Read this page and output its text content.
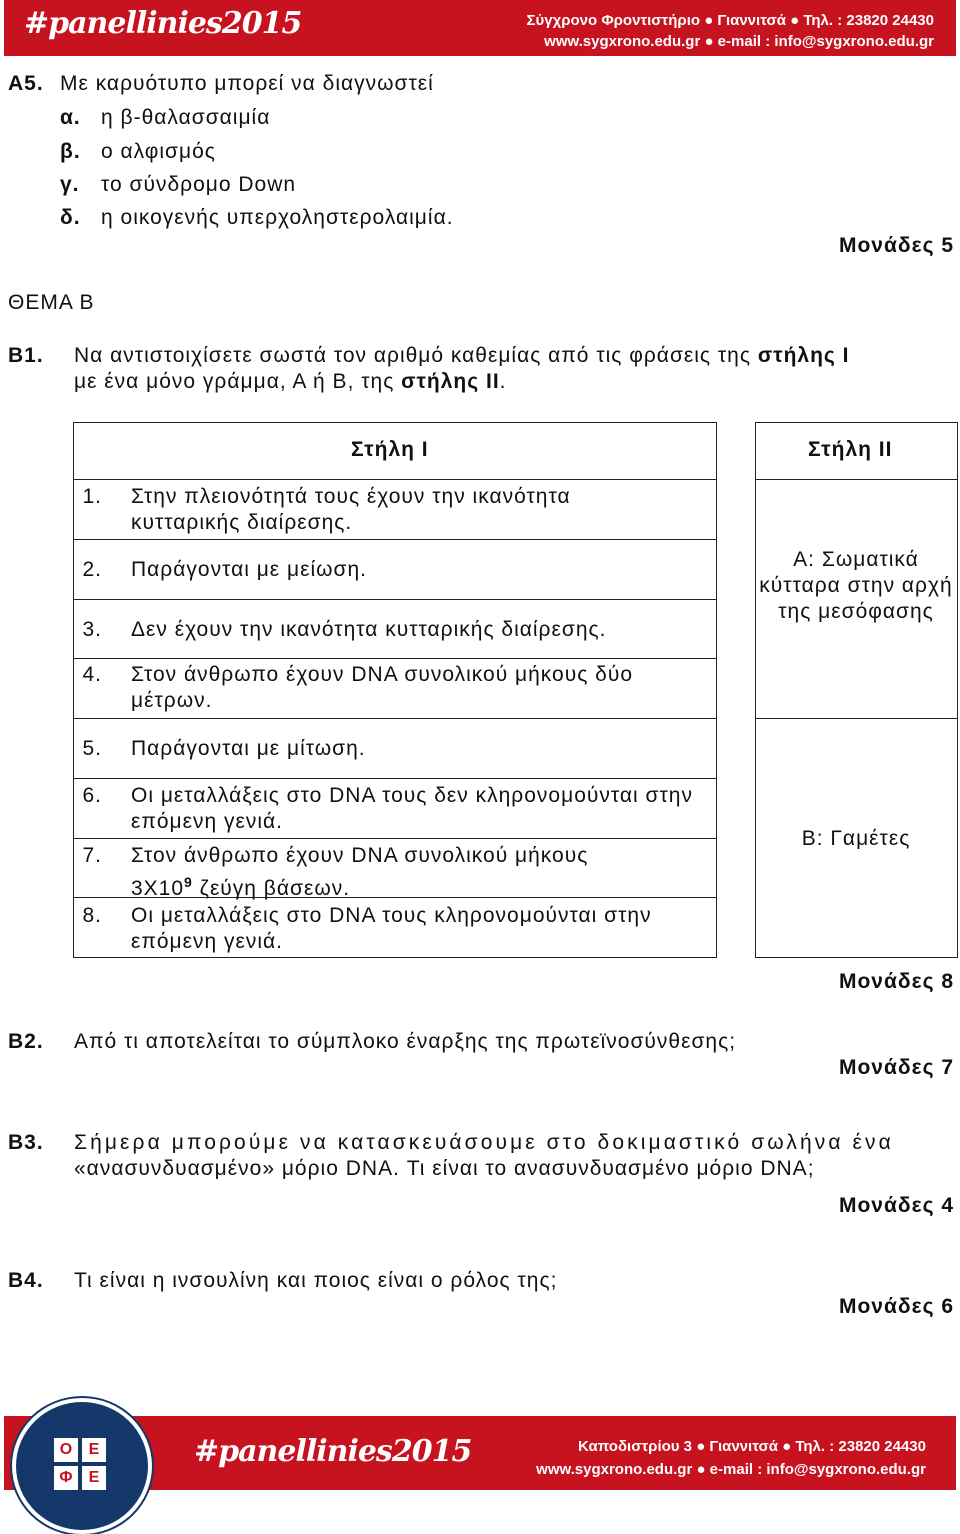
#panellinies2015	Σύγχρονο Φροντιστήριο ● Γιαννιτσά ● Τηλ. : 23820 24430
www.sygxrono.edu.gr ● e-mail : info@sygxrono.edu.gr
A5. Με καρυότυπο μπορεί να διαγνωστεί
α. η β-θαλασσαιμία
β. ο αλφισμός
γ. το σύνδρομο Down
δ. η οικογενής υπερχοληστερολαιμία.
Μονάδες 5
ΘΕΜΑ Β
Β1. Να αντιστοιχίσετε σωστά τον αριθμό καθεμίας από τις φράσεις της στήλης Ι
με ένα μόνο γράμμα, Α ή Β, της στήλης ΙΙ.
Στήλη Ι
1. Στην πλειονότητά τους έχουν την ικανότητα κυτταρικής διαίρεσης.
2. Παράγονται με μείωση.
3. Δεν έχουν την ικανότητα κυτταρικής διαίρεσης.
4. Στον άνθρωπο έχουν DNA συνολικού μήκους δύο μέτρων.
5. Παράγονται με μίτωση.
6. Οι μεταλλάξεις στο DNA τους δεν κληρονομούνται στην επόμενη γενιά.
7. Στον άνθρωπο έχουν DNA συνολικού μήκους
$3X10^9$ ζεύγη βάσεων.
8. Οι μεταλλάξεις στο DNA τους κληρονομούνται στην επόμενη γενιά.
Στήλη ΙΙ
Α: Σωματικά κύτταρα στην αρχή της μεσόφασης
Β: Γαμέτες
Μονάδες 8
Β2. Από τι αποτελείται το σύμπλοκο έναρξης της πρωτεϊνοσύνθεσης;
Μονάδες 7
Β3. Σήμερα μπορούμε να κατασκευάσουμε στο δοκιμαστικό σωλήνα ένα
«ανασυνδυασμένο» μόριο DNA. Τι είναι το ανασυνδυασμένο μόριο DNA;
Μονάδες 4
Β4. Τι είναι η ινσουλίνη και ποιος είναι ο ρόλος της;
Μονάδες 6
#panellinies2015	Καποδιστρίου 3 ● Γιαννιτσά ● Τηλ. : 23820 24430
www.sygxrono.edu.gr ● e-mail : info@sygxrono.edu.gr
Ο	Ε
Φ	Ε
